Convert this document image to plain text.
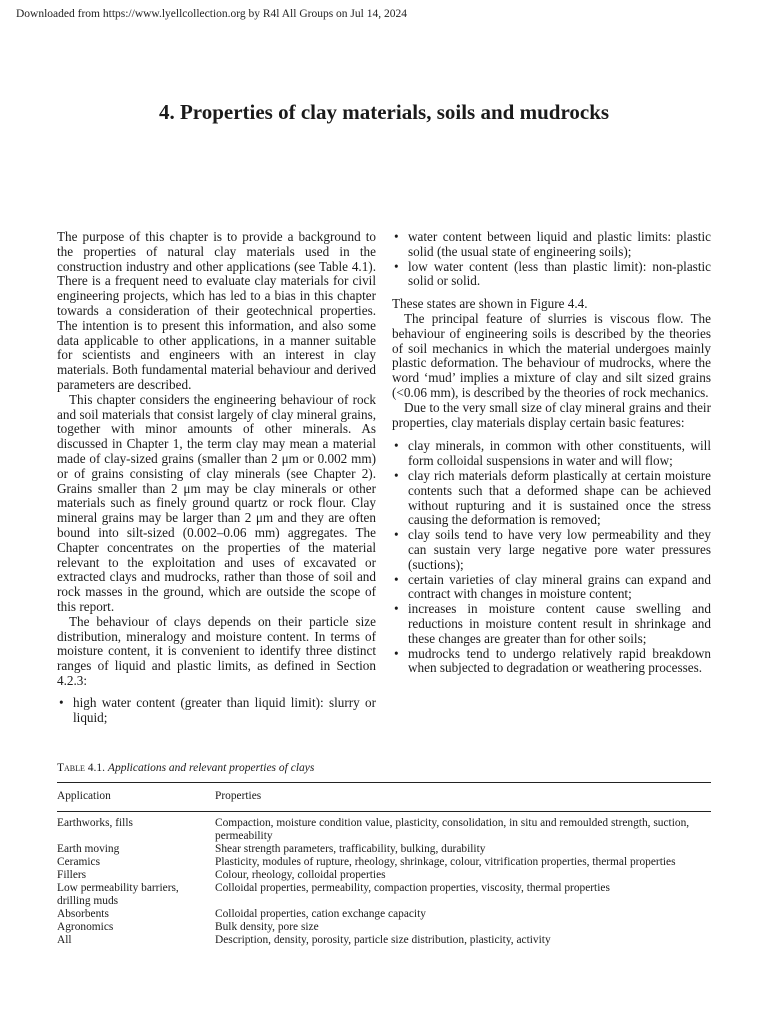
Downloaded from https://www.lyellcollection.org by R4l All Groups on Jul 14, 2024
4. Properties of clay materials, soils and mudrocks

The purpose of this chapter is to provide a background to the properties of natural clay materials used in the construction industry and other applications (see Table 4.1). There is a frequent need to evaluate clay materials for civil engineering projects, which has led to a bias in this chapter towards a consideration of their geotechnical properties. The intention is to present this information, and also some data applicable to other applications, in a manner suitable for scientists and engineers with an interest in clay materials. Both fundamental material behaviour and derived parameters are described.

This chapter considers the engineering behaviour of rock and soil materials that consist largely of clay mineral grains, together with minor amounts of other minerals. As discussed in Chapter 1, the term clay may mean a material made of clay-sized grains (smaller than 2 μm or 0.002 mm) or of grains consisting of clay minerals (see Chapter 2). Grains smaller than 2 μm may be clay minerals or other materials such as finely ground quartz or rock flour. Clay mineral grains may be larger than 2 μm and they are often bound into silt-sized (0.002–0.06 mm) aggregates. The Chapter concentrates on the properties of the material relevant to the exploitation and uses of excavated or extracted clays and mudrocks, rather than those of soil and rock masses in the ground, which are outside the scope of this report.

The behaviour of clays depends on their particle size distribution, mineralogy and moisture content. In terms of moisture content, it is convenient to identify three distinct ranges of liquid and plastic limits, as defined in Section 4.2.3:

• high water content (greater than liquid limit): slurry or liquid;
• water content between liquid and plastic limits: plastic solid (the usual state of engineering soils);
• low water content (less than plastic limit): non-plastic solid or solid.

These states are shown in Figure 4.4.

The principal feature of slurries is viscous flow. The behaviour of engineering soils is described by the theories of soil mechanics in which the material undergoes mainly plastic deformation. The behaviour of mudrocks, where the word ‘mud’ implies a mixture of clay and silt sized grains (<0.06 mm), is described by the theories of rock mechanics.

Due to the very small size of clay mineral grains and their properties, clay materials display certain basic features:

• clay minerals, in common with other constituents, will form colloidal suspensions in water and will flow;
• clay rich materials deform plastically at certain moisture contents such that a deformed shape can be achieved without rupturing and it is sustained once the stress causing the deformation is removed;
• clay soils tend to have very low permeability and they can sustain very large negative pore water pressures (suctions);
• certain varieties of clay mineral grains can expand and contract with changes in moisture content;
• increases in moisture content cause swelling and reductions in moisture content result in shrinkage and these changes are greater than for other soils;
• mudrocks tend to undergo relatively rapid breakdown when subjected to degradation or weathering processes.
Table 4.1. Applications and relevant properties of clays
Application	Properties
Earthworks, fills	Compaction, moisture condition value, plasticity, consolidation, in situ and remoulded strength, suction, permeability
Earth moving	Shear strength parameters, trafficability, bulking, durability
Ceramics	Plasticity, modules of rupture, rheology, shrinkage, colour, vitrification properties, thermal properties
Fillers	Colour, rheology, colloidal properties
Low permeability barriers, drilling muds	Colloidal properties, permeability, compaction properties, viscosity, thermal properties
Absorbents	Colloidal properties, cation exchange capacity
Agronomics	Bulk density, pore size
All	Description, density, porosity, particle size distribution, plasticity, activity
